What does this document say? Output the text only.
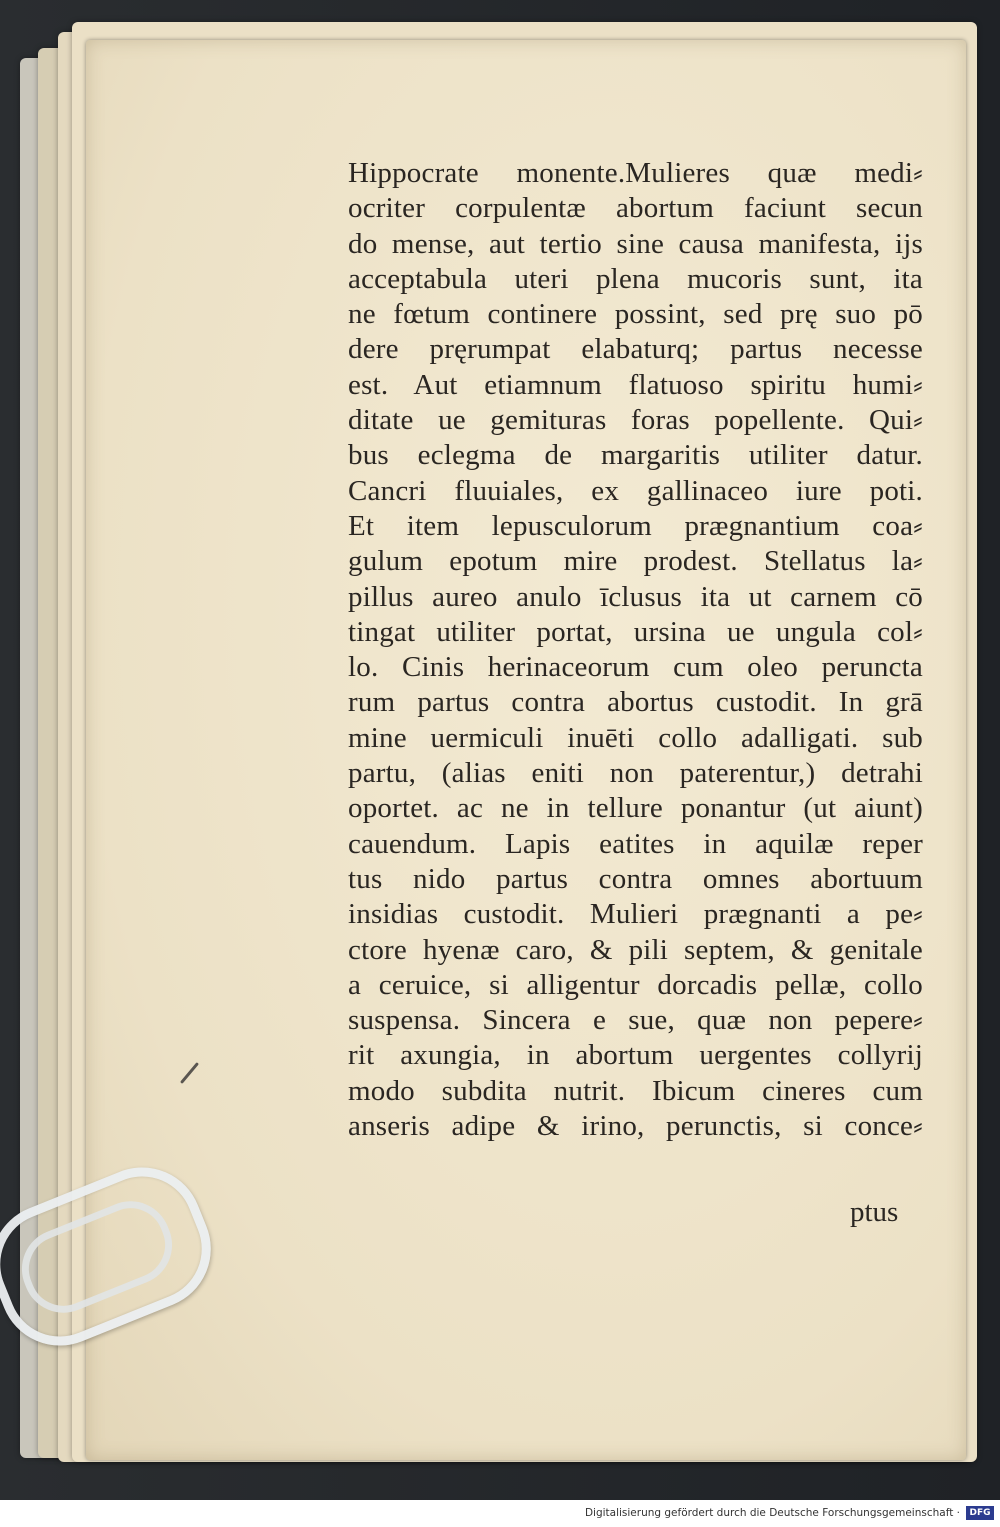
Hippocrate monente.Mulieres quæ medi⸗
ocriter corpulentæ abortum faciunt secun
do mense, aut tertio sine causa manifesta, ijs
acceptabula uteri plena mucoris sunt, ita
ne fœtum continere possint, sed prę suo pō
dere pręrumpat elabaturq; partus necesse
est. Aut etiamnum flatuoso spiritu humi⸗
ditate ue gemituras foras popellente. Qui⸗
bus eclegma de margaritis utiliter datur.
Cancri fluuiales, ex gallinaceo iure poti.
Et item lepusculorum prægnantium coa⸗
gulum epotum mire prodest. Stellatus la⸗
pillus aureo anulo īclusus ita ut carnem cō
tingat utiliter portat, ursina ue ungula col⸗
lo. Cinis herinaceorum cum oleo perunctа
rum partus contra abortus custodit. In grā
mine uermiculi inuēti collo adalligati. sub
partu, (alias eniti non paterentur,) detrahi
oportet. ac ne in tellure ponantur (ut aiunt)
cauendum. Lapis eatites in aquilæ reper
tus nido partus contra omnes abortuum
insidias custodit. Mulieri prægnanti a pe⸗
ctore hyenæ caro, & pili septem, & genitale
a ceruice, si alligentur dorcadis pellæ, collo
suspensa. Sincera e sue, quæ non pepere⸗
rit axungia, in abortum uergentes collyrij
modo subdita nutrit. Ibicum cineres cum
anseris adipe & irino, perunctis, si conce⸗
ptus
Digitalisierung gefördert durch die Deutsche Forschungsgemeinschaft ·	DFG
